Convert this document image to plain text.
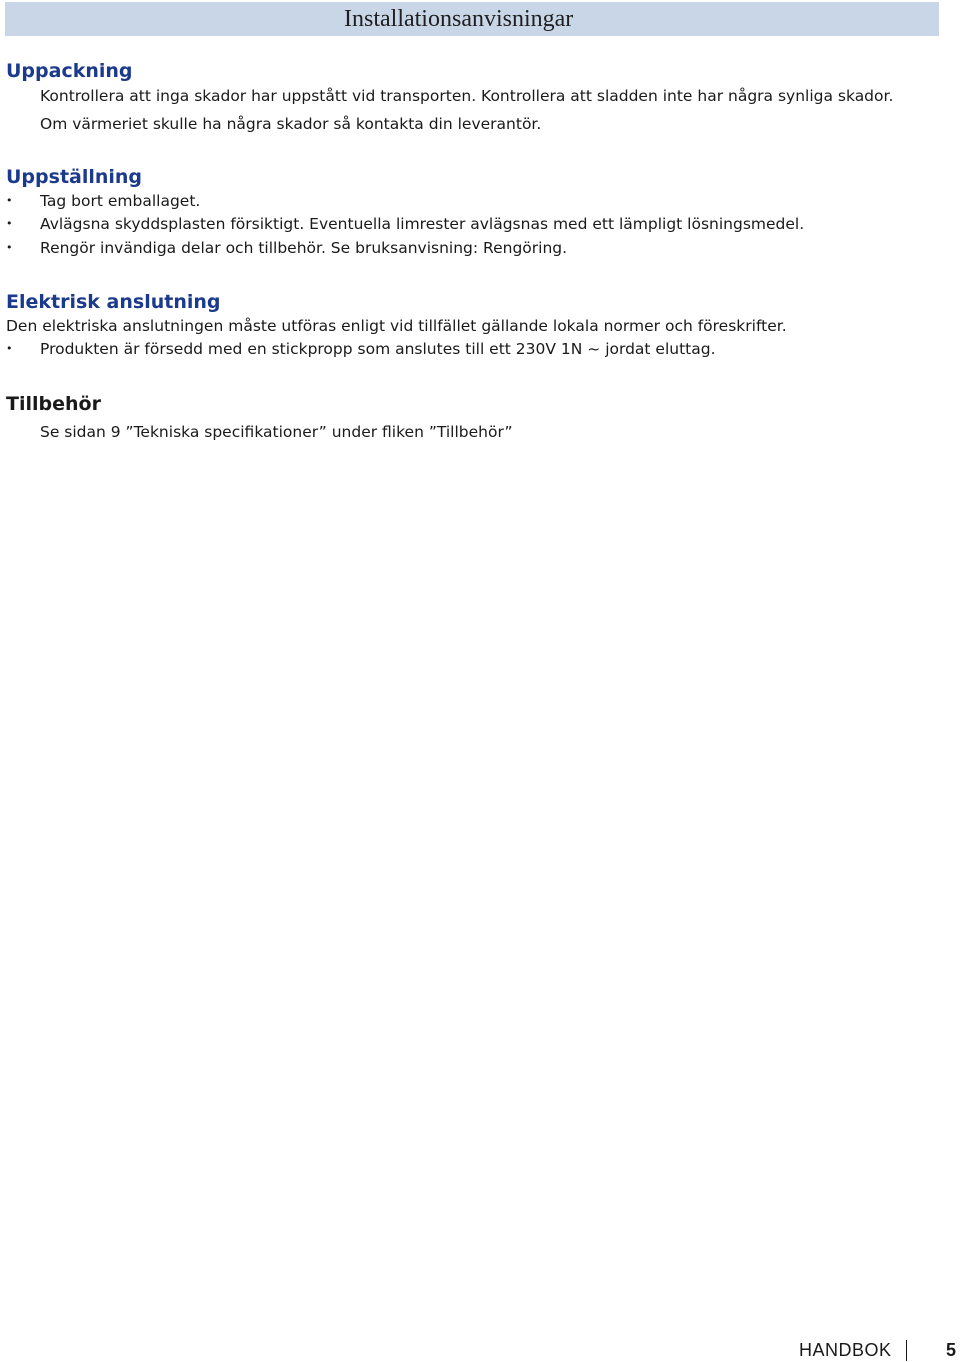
Installationsanvisningar
Uppackning

Kontrollera att inga skador har uppstått vid transporten. Kontrollera att sladden inte har några synliga skador.

Om värmeriet skulle ha några skador så kontakta din leverantör.

Uppställning
• Tag bort emballaget.

• Avlägsna skyddsplasten försiktigt. Eventuella limrester avlägsnas med ett lämpligt lösningsmedel.

• Rengör invändiga delar och tillbehör. Se bruksanvisning: Rengöring.

Elektrisk anslutning

Den elektriska anslutningen måste utföras enligt vid tillfället gällande lokala normer och föreskrifter.

• Produkten är försedd med en stickpropp som anslutes till ett 230V 1N ~ jordat eluttag.

Tillbehör

Se sidan 9 ”Tekniska specifikationer” under fliken ”Tillbehör”

HANDBOK	5
